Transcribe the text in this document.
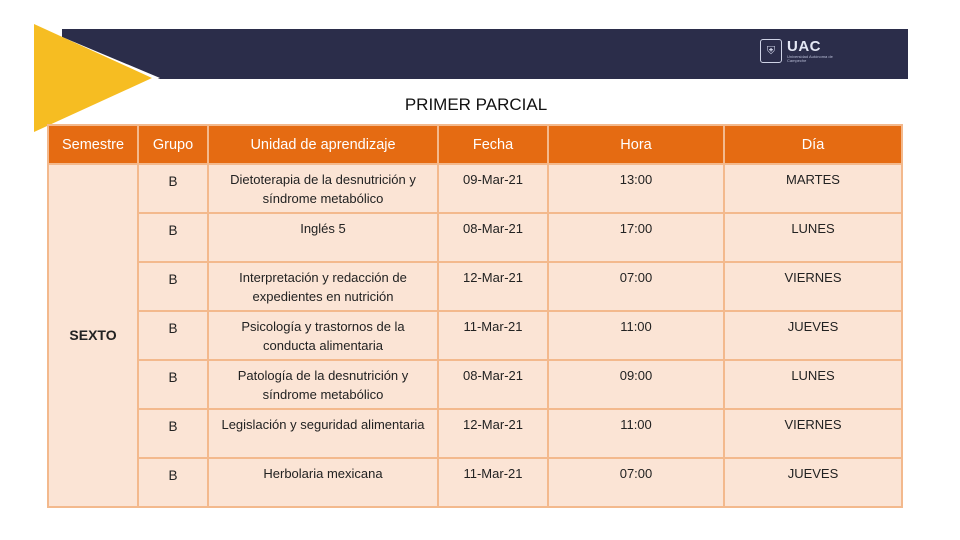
⛨ UAC
Universidad Autónoma de Campeche
PRIMER PARCIAL
Semestre	Grupo	Unidad de aprendizaje	Fecha	Hora	Día
SEXTO	B	Dietoterapia de la desnutrición y síndrome metabólico	09-Mar-21	13:00	MARTES
	B	Inglés 5	08-Mar-21	17:00	LUNES
	B	Interpretación y redacción de expedientes en nutrición	12-Mar-21	07:00	VIERNES
	B	Psicología y trastornos de la conducta alimentaria	11-Mar-21	11:00	JUEVES
	B	Patología de la desnutrición y síndrome metabólico	08-Mar-21	09:00	LUNES
	B	Legislación y seguridad alimentaria	12-Mar-21	11:00	VIERNES
	B	Herbolaria mexicana	11-Mar-21	07:00	JUEVES
